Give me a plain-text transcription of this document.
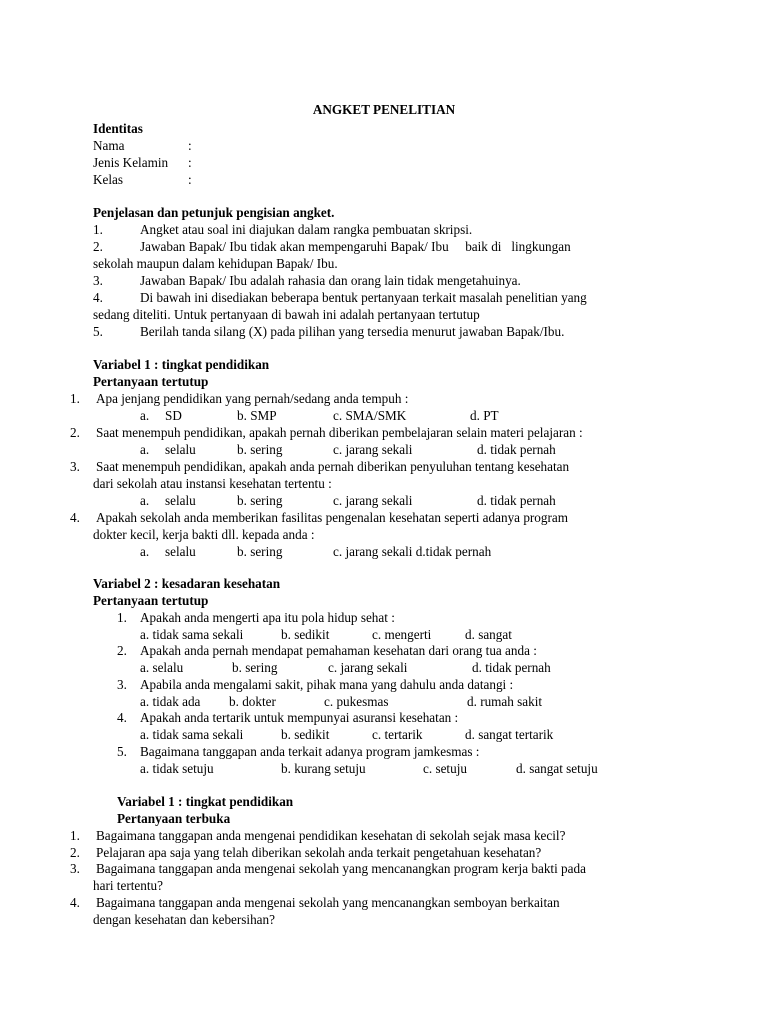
ANGKET PENELITIAN
Identitas
Nama	:
Jenis Kelamin :
Kelas	:
Penjelasan dan petunjuk pengisian angket.
1.	Angket atau soal ini diajukan dalam rangka pembuatan skripsi.
2.	Jawaban Bapak/ Ibu tidak akan mempengaruhi Bapak/ Ibu     baik di   lingkungan
sekolah maupun dalam kehidupan Bapak/ Ibu.
3.	Jawaban Bapak/ Ibu adalah rahasia dan orang lain tidak mengetahuinya.
4.	Di bawah ini disediakan beberapa bentuk pertanyaan terkait masalah penelitian yang
sedang diteliti. Untuk pertanyaan di bawah ini adalah pertanyaan tertutup
5.	Berilah tanda silang (X) pada pilihan yang tersedia menurut jawaban Bapak/Ibu.
Variabel 1 : tingkat pendidikan
Pertanyaan tertutup
1. Apa jenjang pendidikan yang pernah/sedang anda tempuh :
a. SD	b. SMP	c. SMA/SMK	d. PT
2. Saat menempuh pendidikan, apakah pernah diberikan pembelajaran selain materi pelajaran :
a. selalu	b. sering	c. jarang sekali	d. tidak pernah
3. Saat menempuh pendidikan, apakah anda pernah diberikan penyuluhan tentang kesehatan
dari sekolah atau instansi kesehatan tertentu :
a. selalu	b. sering	c. jarang sekali	d. tidak pernah
4. Apakah sekolah anda memberikan fasilitas pengenalan kesehatan seperti adanya program
dokter kecil, kerja bakti dll. kepada anda :
a. selalu	b. sering	c. jarang sekali d.tidak pernah
Variabel 2 : kesadaran kesehatan
Pertanyaan tertutup
1. Apakah anda mengerti apa itu pola hidup sehat :
a. tidak sama sekali	b. sedikit	c. mengerti	d. sangat
2. Apakah anda pernah mendapat pemahaman kesehatan dari orang tua anda :
a. selalu	b. sering	c. jarang sekali	d. tidak pernah
3. Apabila anda mengalami sakit, pihak mana yang dahulu anda datangi :
a. tidak ada b. dokter	c. pukesmas	d. rumah sakit
4. Apakah anda tertarik untuk mempunyai asuransi kesehatan :
a. tidak sama sekali	b. sedikit	c. tertarik	d. sangat tertarik
5. Bagaimana tanggapan anda terkait adanya program jamkesmas :
a. tidak setuju	b. kurang setuju	c. setuju	d. sangat setuju
Variabel 1 : tingkat pendidikan
Pertanyaan terbuka
1. Bagaimana tanggapan anda mengenai pendidikan kesehatan di sekolah sejak masa kecil?
2. Pelajaran apa saja yang telah diberikan sekolah anda terkait pengetahuan kesehatan?
3. Bagaimana tanggapan anda mengenai sekolah yang mencanangkan program kerja bakti pada
hari tertentu?
4. Bagaimana tanggapan anda mengenai sekolah yang mencanangkan semboyan berkaitan
dengan kesehatan dan kebersihan?
